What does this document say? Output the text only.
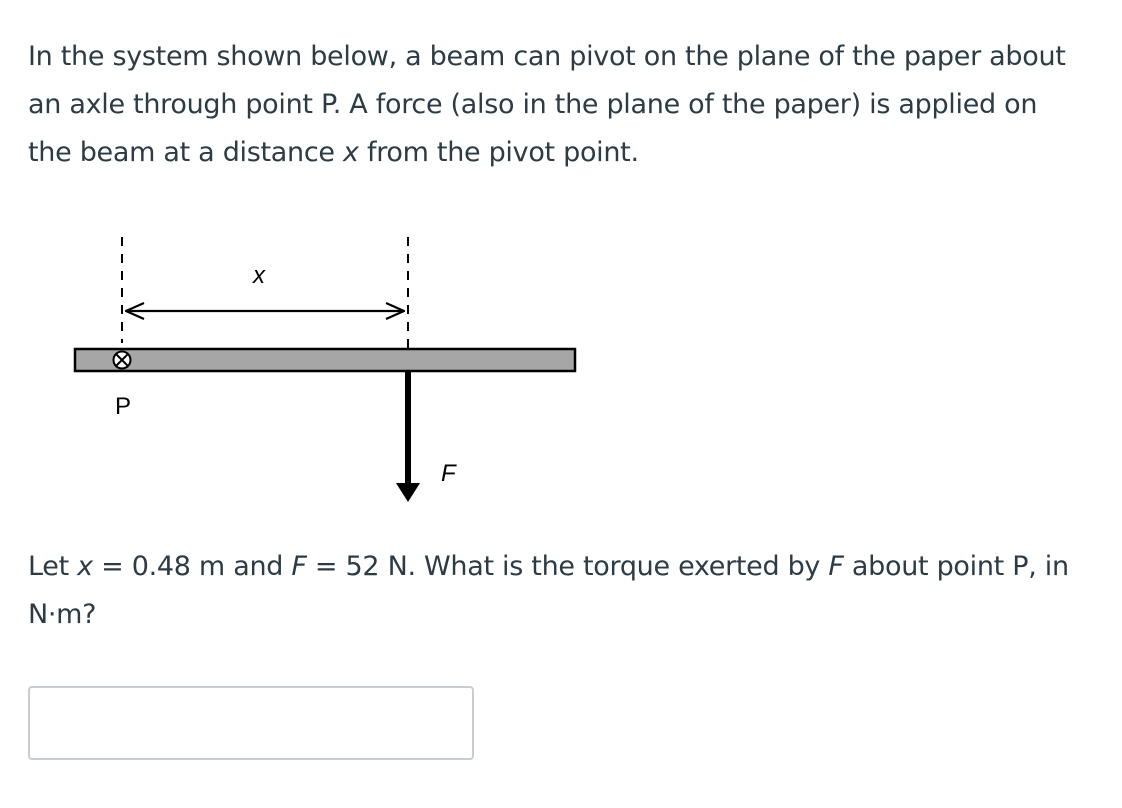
In the system shown below, a beam can pivot on the plane of the paper about
an axle through point P. A force (also in the plane of the paper) is applied on
the beam at a distance x from the pivot point.

x
P
F

Let x = 0.48 m and F = 52 N. What is the torque exerted by F about point P, in
N·m?
